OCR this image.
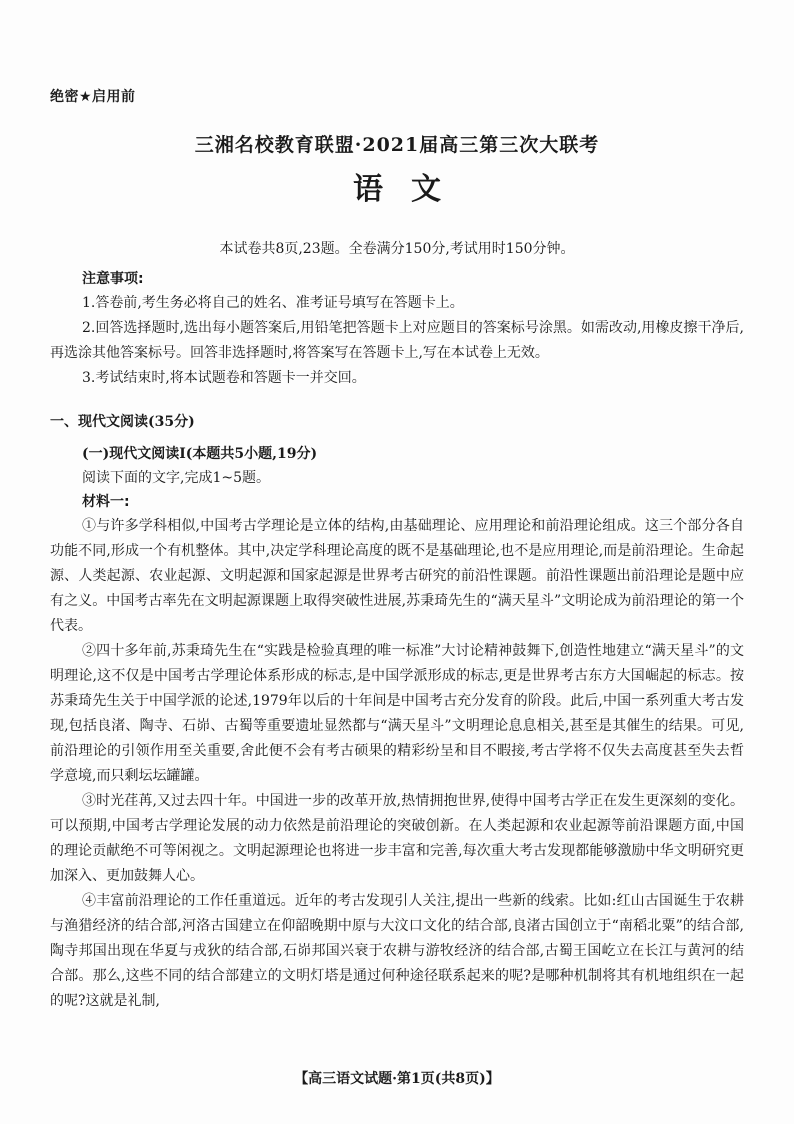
绝密★启用前
三湘名校教育联盟·2021届高三第三次大联考
语文
本试卷共8页,23题。全卷满分150分,考试用时150分钟。
注意事项:

1.答卷前,考生务必将自己的姓名、准考证号填写在答题卡上。

2.回答选择题时,选出每小题答案后,用铅笔把答题卡上对应题目的答案标号涂黑。如需改动,用橡皮擦干净后,再选涂其他答案标号。回答非选择题时,将答案写在答题卡上,写在本试卷上无效。

3.考试结束时,将本试题卷和答题卡一并交回。

一、现代文阅读(35分)
(一)现代文阅读Ⅰ(本题共5小题,19分)
阅读下面的文字,完成1~5题。
材料一:

①与许多学科相似,中国考古学理论是立体的结构,由基础理论、应用理论和前沿理论组成。这三个部分各自功能不同,形成一个有机整体。其中,决定学科理论高度的既不是基础理论,也不是应用理论,而是前沿理论。生命起源、人类起源、农业起源、文明起源和国家起源是世界考古研究的前沿性课题。前沿性课题出前沿理论是题中应有之义。中国考古率先在文明起源课题上取得突破性进展,苏秉琦先生的“满天星斗”文明论成为前沿理论的第一个代表。

②四十多年前,苏秉琦先生在“实践是检验真理的唯一标准”大讨论精神鼓舞下,创造性地建立“满天星斗”的文明理论,这不仅是中国考古学理论体系形成的标志,是中国学派形成的标志,更是世界考古东方大国崛起的标志。按苏秉琦先生关于中国学派的论述,1979年以后的十年间是中国考古充分发育的阶段。此后,中国一系列重大考古发现,包括良渚、陶寺、石峁、古蜀等重要遗址显然都与“满天星斗”文明理论息息相关,甚至是其催生的结果。可见,前沿理论的引领作用至关重要,舍此便不会有考古硕果的精彩纷呈和目不暇接,考古学将不仅失去高度甚至失去哲学意境,而只剩坛坛罐罐。

③时光荏苒,又过去四十年。中国进一步的改革开放,热情拥抱世界,使得中国考古学正在发生更深刻的变化。可以预期,中国考古学理论发展的动力依然是前沿理论的突破创新。在人类起源和农业起源等前沿课题方面,中国的理论贡献绝不可等闲视之。文明起源理论也将进一步丰富和完善,每次重大考古发现都能够激励中华文明研究更加深入、更加鼓舞人心。

④丰富前沿理论的工作任重道远。近年的考古发现引人关注,提出一些新的线索。比如:红山古国诞生于农耕与渔猎经济的结合部,河洛古国建立在仰韶晚期中原与大汶口文化的结合部,良渚古国创立于“南稻北粟”的结合部,陶寺邦国出现在华夏与戎狄的结合部,石峁邦国兴衰于农耕与游牧经济的结合部,古蜀王国屹立在长江与黄河的结合部。那么,这些不同的结合部建立的文明灯塔是通过何种途径联系起来的呢?是哪种机制将其有机地组织在一起的呢?这就是礼制,

【高三语文试题·第1页(共8页)】
